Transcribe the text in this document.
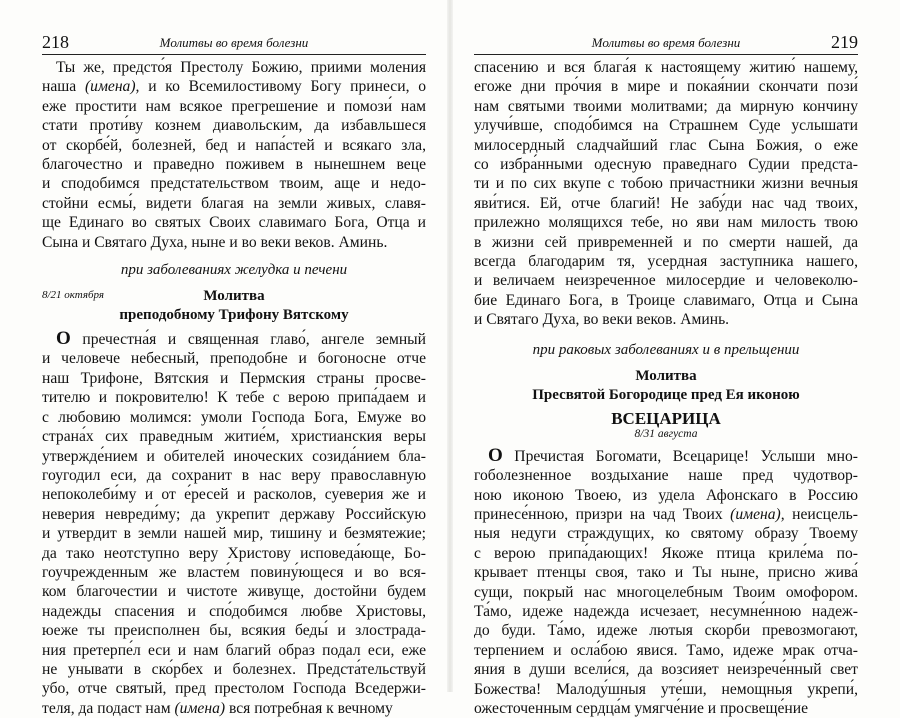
218	Молитвы во время болезни

Ты же, предсто́я Престолу Божию, приими моления
наша (имена), и ко Всемилостивому Богу принеси, о
еже простити нам всякое прегрешение и помози́ нам
стати проти́ву кознем диавольским, да избавльшеся
от скорбе́й, болезней, бед и напа́стей и всякаго зла,
благочестно и праведно поживем в нынешнем веце
и сподобимся предстательством твоим, аще и недо-
стойни есмы́, видети благая на земли живых, славя-
ще Единаго во святых Своих славимаго Бога, Отца и
Сына и Святаго Духа, ныне и во веки веков. Аминь.

при заболеваниях желудка и печени
8/21 октября	Молитва
преподобному Трифону Вятскому

О пречестна́я и священная главо́, ангеле земный
и человече небесный, преподобне и богоносне отче
наш Трифоне, Вятския и Пермския страны просве-
тителю и покровителю! К тебе с верою припа́даем и
с любовию молимся: умоли Господа Бога, Емуже во
страна́х сих праведным житие́м, христианския веры
утвержде́нием и обителей иноческих созида́нием бла-
гоугодил еси, да сохранит в нас веру православную
непоколеби́му и от е́ресей и расколов, суеверия же и
неверия невреди́му; да укрепит державу Российскую
и утвердит в земли нашей мир, тишину и безмятежие;
да тако неотступно веру Христову исповеда́юще, Бо-
гоучрежденным же власте́м повину́ющеся и во вся-
ком благочестии и чистоте живуще, достойни будем
надежды спасения и спо́добимся любве Христовы,
юеже ты преисполнен бы, всякия беды́ и злострада-
ния претерпе́л еси и нам благий образ подал еси, еже
не унывати в ско́рбех и болезнех. Предста́тельствуй
убо, отче святый, пред престолом Господа Вседержи-
теля, да подаст нам (имена) вся потребная к вечному

219
Молитвы во время болезни

спасению и вся блага́я к настоящему житию́ нашему,
егоже дни про́чия в мире и покая́нии скончати пози́
нам святыми твоими молитвами; да мирную кончину
улучи́вше, сподо́бимся на Страшнем Суде услышати
милосердный сладчайший глас Сына Божия, о еже
со избра́нными одесную праведнаго Судии предста-
ти и по сих вкупе с тобою причастники жизни вечныя
яви́тися. Ей, отче благий! Не забу́ди нас чад твоих,
прилежно молящихся тебе, но яви нам милость твою
в жизни сей привременней и по смерти нашей, да
всегда благодарим тя, усердная заступника нашего,
и величаем неизреченное милосердие и человеколю-
бие Единаго Бога, в Троице славимаго, Отца и Сына
и Святаго Духа, во веки веков. Аминь.

при раковых заболеваниях и в прельщении
Молитва
Пресвятой Богородице пред Ея иконою
ВСЕЦАРИЦА
8/31 августа

О Пречистая Богомати, Всецарице! Услыши мно-
гоболезненное воздыхание наше пред чудотвор-
ною иконою Твоею, из удела Афонскаго в Россию
принесе́нною, призри на чад Твоих (имена), неисцель-
ныя недуги страждущих, ко святому образу Твоему
с верою припа́дающих! Якоже птица криле́ма по-
крывает птенцы своя, тако и Ты ныне, присно жива́
сущи, покрый нас многоцелебным Твоим омофором.
Та́мо, идеже надежда исчезает, несумне́нною надеж-
до буди. Та́мо, идеже лютыя скорби превозмогают,
терпением и осла́бою явися. Тамо, идеже мрак отча-
яния в души всели́ся, да возсияет неизрече́нный свет
Божества! Малоду́шныя уте́ши, немощныя укрепи́,
ожесточенным сердца́м умягче́ние и просвеще́ние
